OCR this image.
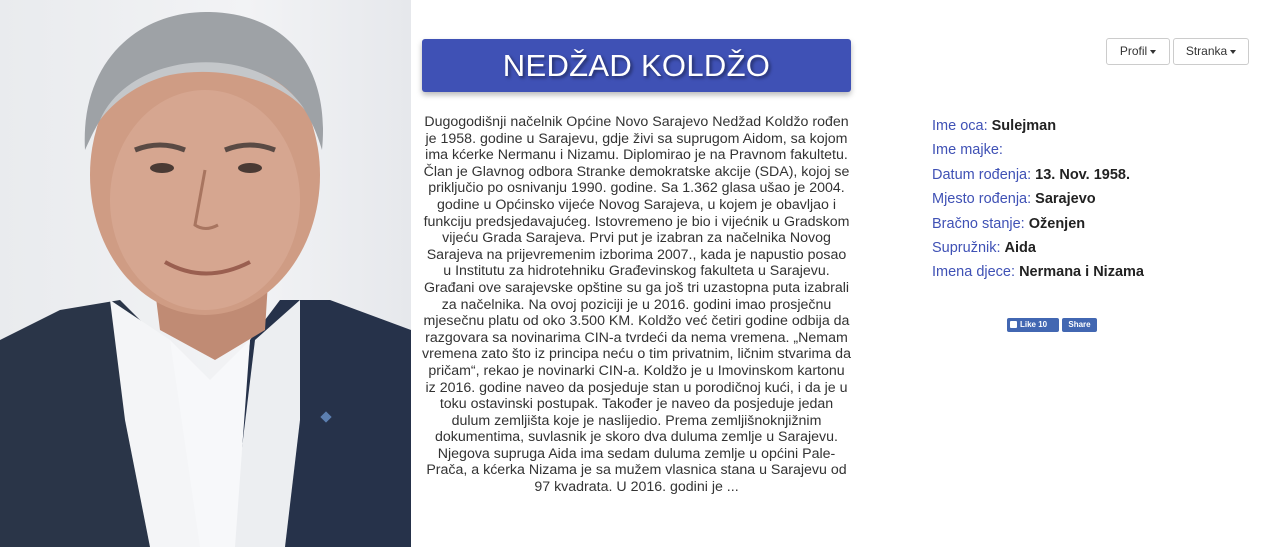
NEDŽAD KOLDŽO
Dugogodišnji načelnik Općine Novo Sarajevo Nedžad Koldžo rođen je 1958. godine u Sarajevu, gdje živi sa suprugom Aidom, sa kojom ima kćerke Nermanu i Nizamu. Diplomirao je na Pravnom fakultetu. Član je Glavnog odbora Stranke demokratske akcije (SDA), kojoj se priključio po osnivanju 1990. godine. Sa 1.362 glasa ušao je 2004. godine u Općinsko vijeće Novog Sarajeva, u kojem je obavljao i funkciju predsjedavajućeg. Istovremeno je bio i vijećnik u Gradskom vijeću Grada Sarajeva. Prvi put je izabran za načelnika Novog Sarajeva na prijevremenim izborima 2007., kada je napustio posao u Institutu za hidrotehniku Građevinskog fakulteta u Sarajevu. Građani ove sarajevske opštine su ga još tri uzastopna puta izabrali za načelnika. Na ovoj poziciji je u 2016. godini imao prosječnu mjesečnu platu od oko 3.500 KM. Koldžo već četiri godine odbija da razgovara sa novinarima CIN-a tvrdeći da nema vremena. „Nemam vremena zato što iz principa neću o tim privatnim, ličnim stvarima da pričam“, rekao je novinarki CIN-a. Koldžo je u Imovinskom kartonu iz 2016. godine naveo da posjeduje stan u porodičnoj kući, i da je u toku ostavinski postupak. Također je naveo da posjeduje jedan dulum zemljišta koje je naslijedio. Prema zemljišnoknjižnim dokumentima, suvlasnik je skoro dva duluma zemlje u Sarajevu. Njegova supruga Aida ima sedam duluma zemlje u općini Pale-Prača, a kćerka Nizama je sa mužem vlasnica stana u Sarajevu od 97 kvadrata. U 2016. godini je ...
Profil	Stranka
Ime oca: Sulejman
Ime majke:
Datum rođenja: 13. Nov. 1958.
Mjesto rođenja: Sarajevo
Bračno stanje: Oženjen
Supružnik: Aida
Imena djece: Nermana i Nizama
Like 10	Share
